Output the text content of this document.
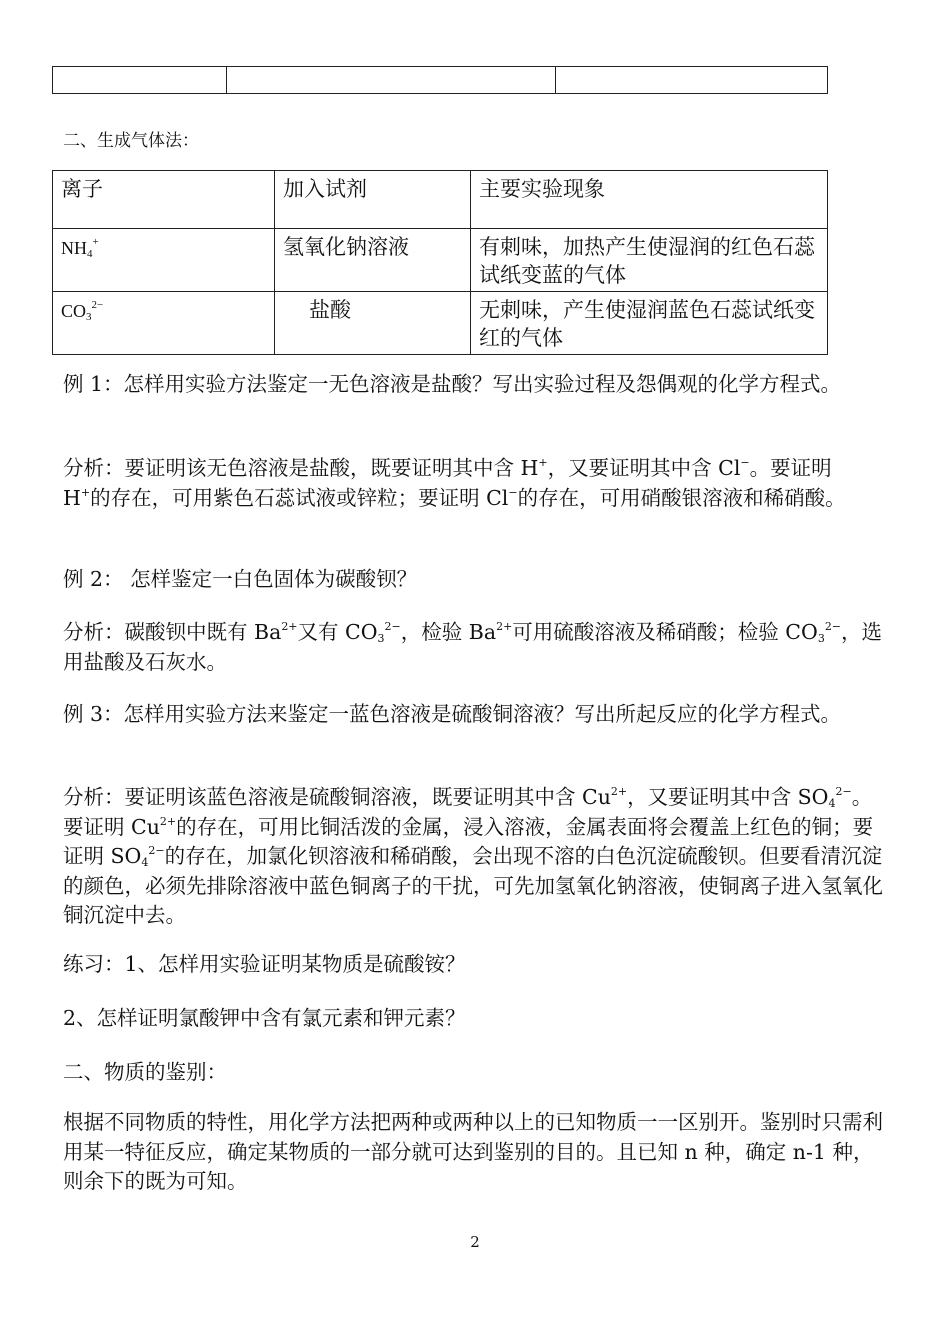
二、生成气体法：
离子	加入试剂	主要实验现象
$NH_4^+$	氢氧化钠溶液	有刺味，加热产生使湿润的红色石蕊试纸变蓝的气体
$CO_3^{2-}$	盐酸	无刺味，产生使湿润蓝色石蕊试纸变红的气体
例 1：怎样用实验方法鉴定一无色溶液是盐酸？写出实验过程及怨偶观的化学方程式。
分析：要证明该无色溶液是盐酸，既要证明其中含 H+，又要证明其中含 Cl−。要证明 H+的存在，可用紫色石蕊试液或锌粒；要证明 Cl−的存在，可用硝酸银溶液和稀硝酸。
例 2： 怎样鉴定一白色固体为碳酸钡？
分析：碳酸钡中既有 $Ba^{2+}$又有 $CO_3^{2-}$，检验 $Ba^{2+}$可用硫酸溶液及稀硝酸；检验 $CO_3^{2-}$，选用盐酸及石灰水。
例 3：怎样用实验方法来鉴定一蓝色溶液是硫酸铜溶液？写出所起反应的化学方程式。
分析：要证明该蓝色溶液是硫酸铜溶液，既要证明其中含 $Cu^{2+}$，又要证明其中含 $SO_4^{2-}$。要证明 $Cu^{2+}$的存在，可用比铜活泼的金属，浸入溶液，金属表面将会覆盖上红色的铜；要证明 $SO_4^{2-}$的存在，加氯化钡溶液和稀硝酸，会出现不溶的白色沉淀硫酸钡。但要看清沉淀的颜色，必须先排除溶液中蓝色铜离子的干扰，可先加氢氧化钠溶液，使铜离子进入氢氧化铜沉淀中去。
练习：1、怎样用实验证明某物质是硫酸铵？
2、怎样证明氯酸钾中含有氯元素和钾元素？
二、物质的鉴别：
根据不同物质的特性，用化学方法把两种或两种以上的已知物质一一区别开。鉴别时只需利用某一特征反应，确定某物质的一部分就可达到鉴别的目的。且已知 n 种，确定 n-1 种，则余下的既为可知。
2
